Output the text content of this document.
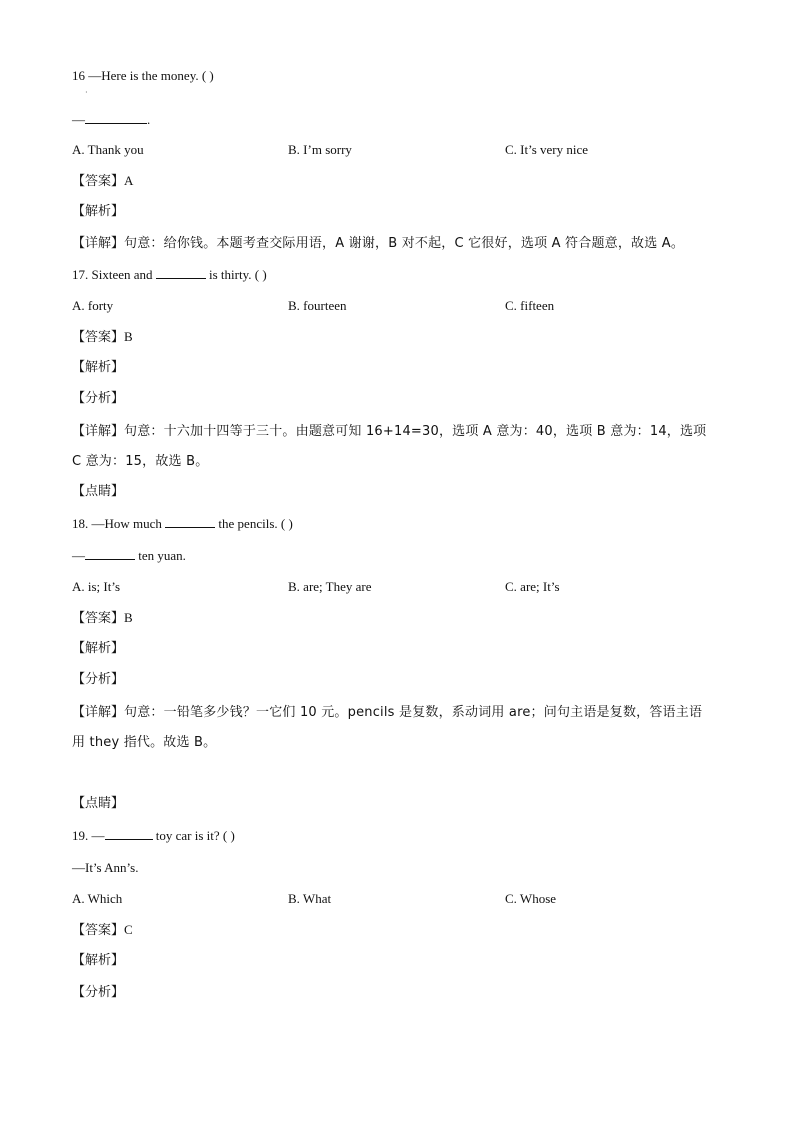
16 —Here is the money. ( )
·
—	.
A. Thank you	B. I’m sorry	C. It’s very nice
【答案】A
【解析】
【详解】句意：给你钱。本题考查交际用语，A 谢谢，B 对不起，C 它很好，选项 A 符合题意，故选 A。
17. Sixteen and	is thirty. ( )
A. forty	B. fourteen	C. fifteen
【答案】B
【解析】
【分析】
【详解】句意：十六加十四等于三十。由题意可知 16+14=30，选项 A 意为：40，选项 B 意为：14，选项
C 意为：15，故选 B。
【点睛】
18. —How much	the pencils. ( )
—	ten yuan.
A. is; It’s	B. are; They are	C. are; It’s
【答案】B
【解析】
【分析】
【详解】句意：一铅笔多少钱？一它们 10 元。pencils 是复数，系动词用 are；问句主语是复数，答语主语
用 they 指代。故选 B。
【点睛】
19. —	toy car is it? ( )
—It’s Ann’s.
A. Which	B. What	C. Whose
【答案】C
【解析】
【分析】
